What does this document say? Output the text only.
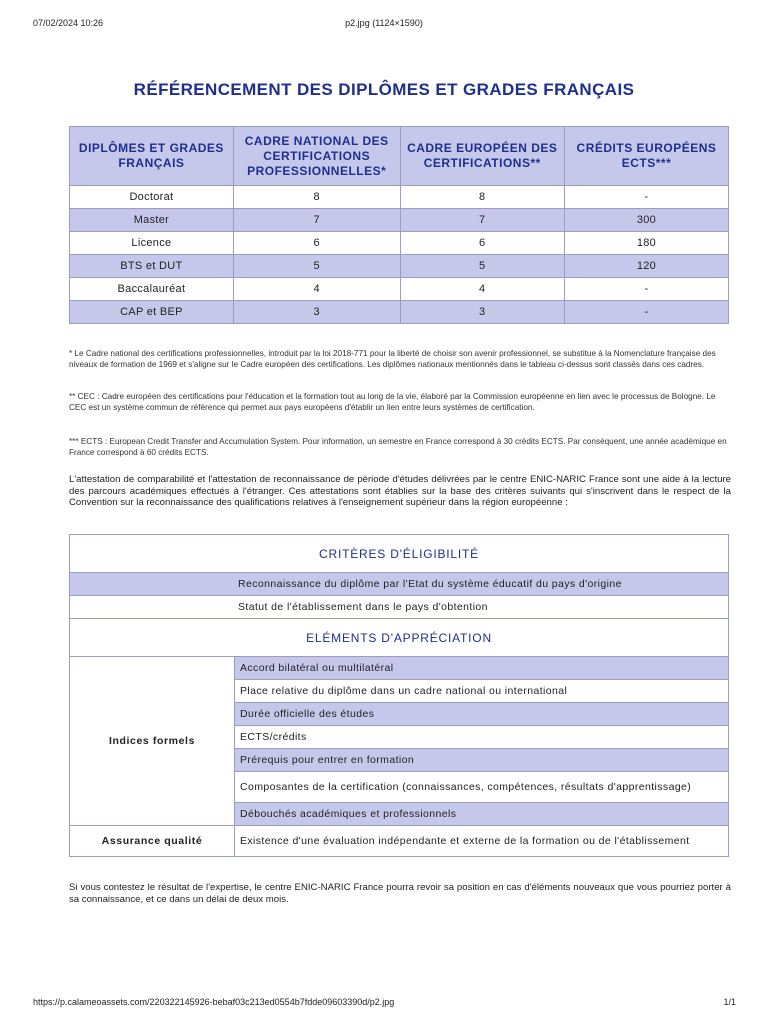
07/02/2024 10:26	p2.jpg (1124×1590)
RÉFÉRENCEMENT DES DIPLÔMES ET GRADES FRANÇAIS
DIPLÔMES ET GRADES FRANÇAIS	CADRE NATIONAL DES CERTIFICATIONS PROFESSIONNELLES*	CADRE EUROPÉEN DES CERTIFICATIONS**	CRÉDITS EUROPÉENS ECTS***
Doctorat	8	8	-
Master	7	7	300
Licence	6	6	180
BTS et DUT	5	5	120
Baccalauréat	4	4	-
CAP et BEP	3	3	-
* Le Cadre national des certifications professionnelles, introduit par la loi 2018-771 pour la liberté de choisir son avenir professionnel, se substitue à la Nomenclature française des niveaux de formation de 1969 et s'aligne sur le Cadre européen des certifications. Les diplômes nationaux mentionnés dans le tableau ci-dessus sont classés dans ces cadres.
** CEC : Cadre européen des certifications pour l'éducation et la formation tout au long de la vie, élaboré par la Commission européenne en lien avec le processus de Bologne. Le CEC est un système commun de référence qui permet aux pays européens d'établir un lien entre leurs systèmes de certification.
*** ECTS : European Credit Transfer and Accumulation System. Pour information, un semestre en France correspond à 30 crédits ECTS. Par conséquent, une année académique en France correspond à 60 crédits ECTS.
L'attestation de comparabilité et l'attestation de reconnaissance de période d'études délivrées par le centre ENIC-NARIC France sont une aide à la lecture des parcours académiques effectués à l'étranger. Ces attestations sont établies sur la base des critères suivants qui s'inscrivent dans le respect de la Convention sur la reconnaissance des qualifications relatives à l'enseignement supérieur dans la région européenne :
CRITÈRES D'ÉLIGIBILITÉ	
Reconnaissance du diplôme par l'Etat du système éducatif du pays d'origine	
Statut de l'établissement dans le pays d'obtention	
ELÉMENTS D'APPRÉCIATION	
Indices formels	Accord bilatéral ou multilatéral
	Place relative du diplôme dans un cadre national ou international
	Durée officielle des études
	ECTS/crédits
	Prérequis pour entrer en formation
	Composantes de la certification (connaissances, compétences, résultats d'apprentissage)
	Débouchés académiques et professionnels
Assurance qualité	Existence d'une évaluation indépendante et externe de la formation ou de l'établissement
Si vous contestez le résultat de l'expertise, le centre ENIC-NARIC France pourra revoir sa position en cas d'éléments nouveaux que vous pourriez porter à sa connaissance, et ce dans un délai de deux mois.
https://p.calameoassets.com/220322145926-bebaf03c213ed0554b7fdde09603390d/p2.jpg	1/1
